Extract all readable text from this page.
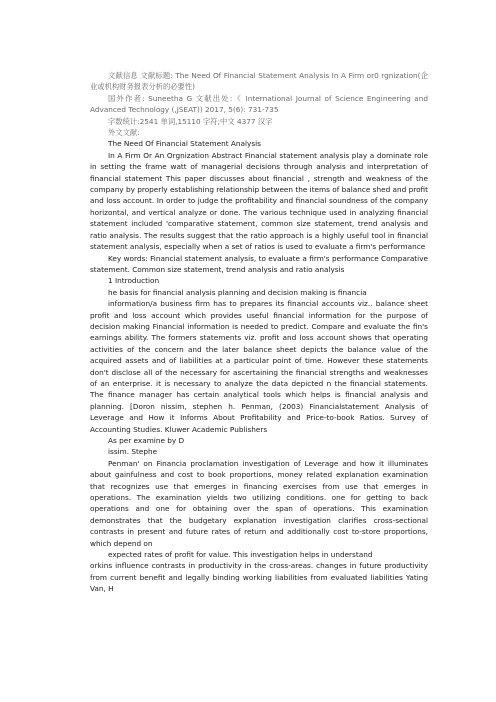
文献信息 文献标题: The Need Of Financial Statement Analysis In A Firm or0 rgnization(企业或机构财务报表分析的必要性)

国外作者: Suneetha G 文献出处:《 International Journal of Science Engineering and Advanced Technology (,JSEAT)) 2017, 5(6): 731-735

字数统计:2541 单词,15110 字符;中文 4377 汉字

外文文献:

The Need Of Financial Statement Analysis

In A Firm Or An Orgnization Abstract Financial statement analysis play a dominate role in setting the frame watt of managerial decisions through analysis and interpretation of financial statement This paper discusses about financial , strength and weakness of the company by properly establishing relationship between the items of balance shed and profit and loss account. In order to judge the profitability and financial soundness of the company horizontal, and vertical analyze or done. The various technique used in analyzing financial statement included 'comparative statement, common size statement, trend analysis and ratio analysis. The results suggest that the ratio approach is a highly useful tool in financial statement analysis, especially when a set of ratios is used to evaluate a firm's performance

Key words: Financial statement analysis, to evaluate a firm's performance Comparative statement. Common size statement, trend analysis and ratio analysis

1 Introduction

he basis for financial analysis planning and decision making is financia

information/a business firm has to prepares its financial accounts viz.. balance sheet profit and loss account which provides useful financial information for the purpose of decision making Financial information is needed to predict. Compare and evaluate the fin's earnings ability. The formers statements viz. profit and loss account shows that operating activities of the concern and the later balance sheet depicts the balance value of the acquired assets and of liabilities at a particular point of time. However these statements don't disclose all of the necessary for ascertaining the financial strengths and weaknesses of an enterprise. it is necessary to analyze the data depicted n the financial statements. The finance manager has certain analytical tools which helps is financial analysis and planning. [Doron nissim, stephen h. Penman, (2003) Financialstatement Analysis of Leverage and How it Informs About Profitability and Price-to-book Ratios. Survey of Accounting Studies. Kluwer Academic Publishers

As per examine by D

issim. Stephe

Penman' on Financia proclamation investigation of Leverage and how it illuminates about gainfulness and cost to book proportions, money related explanation examination that recognizes use that emerges in financing exercises from use that emerges in operations. The examination yields two utilizing conditions. one for getting to back operations and one for obtaining over the span of operations. This examination demonstrates that the budgetary explanation investigation clarifies cross-sectional contrasts in present and future rates of return and additionally cost to-store proportions, which depend on

expected rates of profit for value. This investigation helps in understand

orkins influence contrasts in productivity in the cross-areas. changes in future productivity from current benefit and legally binding working liabilities from evaluated liabilities Yating Van, H
